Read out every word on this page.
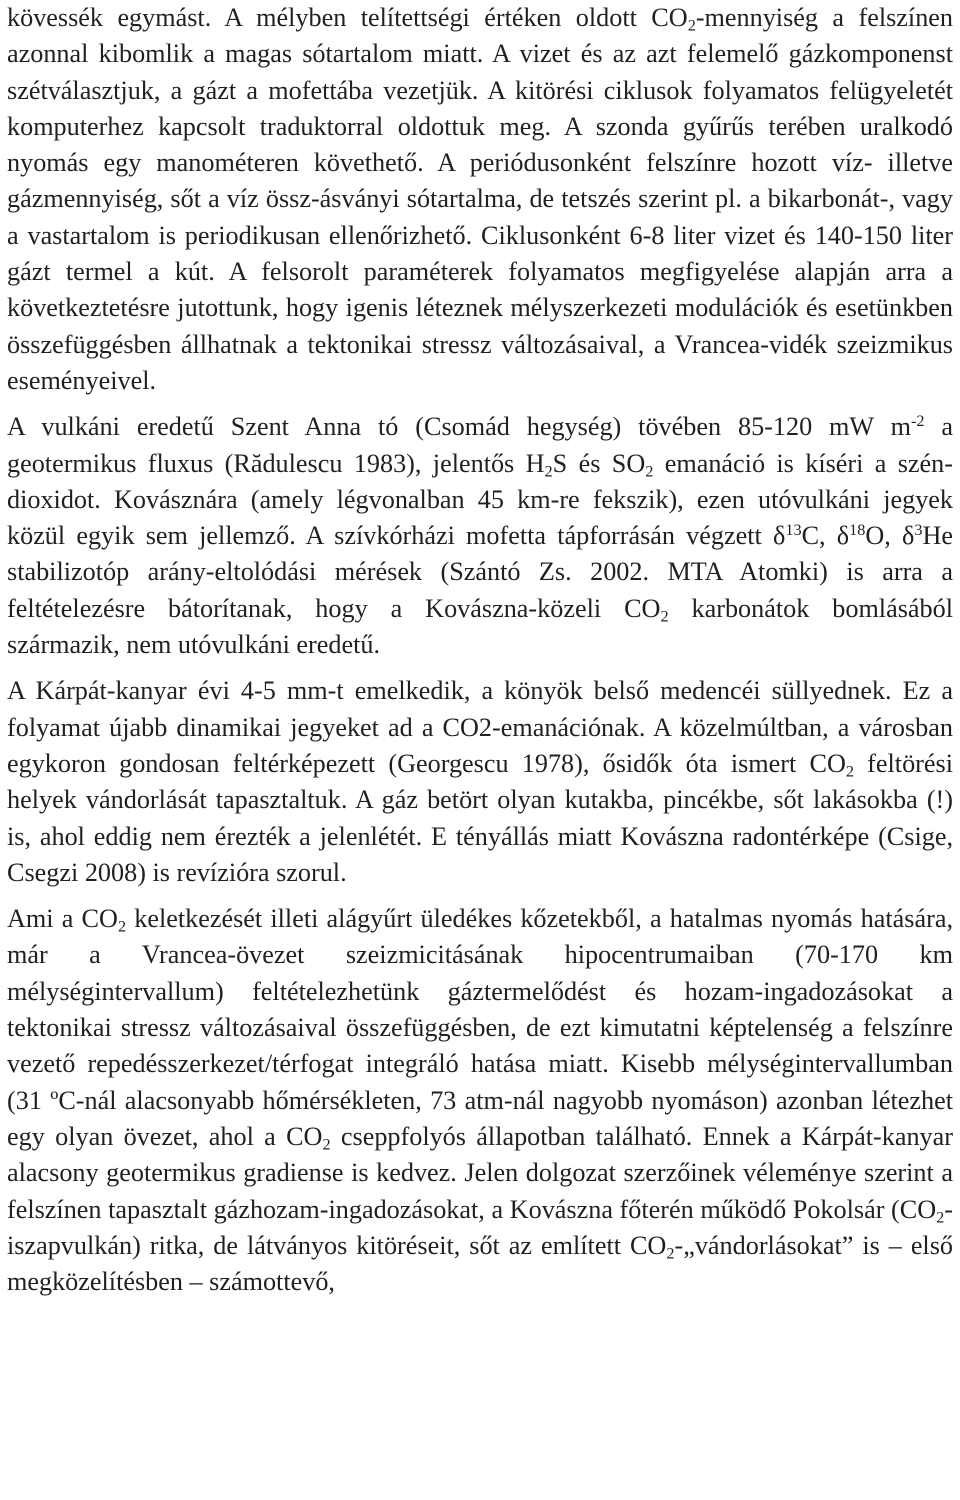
kövessék egymást. A mélyben telítettségi értéken oldott $CO_2$-mennyiség a felszínen azonnal kibomlik a magas sótartalom miatt. A vizet és az azt felemelő gázkomponenst szétválasztjuk, a gázt a mofettába vezetjük. A kitörési ciklusok folyamatos felügyeletét komputerhez kapcsolt traduktorral oldottuk meg. A szonda gyűrűs terében uralkodó nyomás egy manométeren követhető. A periódusonként felszínre hozott víz- illetve gázmennyiség, sőt a víz össz-ásványi sótartalma, de tetszés szerint pl. a bikarbonát-, vagy a vastartalom is periodikusan ellenőrizhető. Ciklusonként 6-8 liter vizet és 140-150 liter gázt termel a kút. A felsorolt paraméterek folyamatos megfigyelése alapján arra a következtetésre jutottunk, hogy igenis léteznek mélyszerkezeti modulációk és esetünkben összefüggésben állhatnak a tektonikai stressz változásaival, a Vrancea-vidék szeizmikus eseményeivel.

A vulkáni eredetű Szent Anna tó (Csomád hegység) tövében 85-120 mW $m^{-2}$ a geotermikus fluxus (Rădulescu 1983), jelentős $H_2S$ és $SO_2$ emanáció is kíséri a szén-dioxidot. Kovásznára (amely légvonalban 45 km-re fekszik), ezen utóvulkáni jegyek közül egyik sem jellemző. A szívkórházi mofetta tápforrásán végzett $\delta^{13}C$, $\delta^{18}O$, $\delta^3He$ stabilizotóp arány-eltolódási mérések (Szántó Zs. 2002. MTA Atomki) is arra a feltételezésre bátorítanak, hogy a Kovászna-közeli $CO_2$ karbonátok bomlásából származik, nem utóvulkáni eredetű.

A Kárpát-kanyar évi 4-5 mm-t emelkedik, a könyök belső medencéi süllyednek. Ez a folyamat újabb dinamikai jegyeket ad a CO2-emanációnak. A közelmúltban, a városban egykoron gondosan feltérképezett (Georgescu 1978), ősidők óta ismert $CO_2$ feltörési helyek vándorlását tapasztaltuk. A gáz betört olyan kutakba, pincékbe, sőt lakásokba (!) is, ahol eddig nem érezték a jelenlétét. E tényállás miatt Kovászna radontérképe (Csige, Csegzi 2008) is revízióra szorul.

Ami a $CO_2$ keletkezését illeti alágyűrt üledékes kőzetekből, a hatalmas nyomás hatására, már a Vrancea-övezet szeizmicitásának hipocentrumaiban (70-170 km mélységintervallum) feltételezhetünk gáztermelődést és hozam-ingadozásokat a tektonikai stressz változásaival összefüggésben, de ezt kimutatni képtelenség a felszínre vezető repedésszerkezet/térfogat integráló hatása miatt. Kisebb mélységintervallumban (31 ºC-nál alacsonyabb hőmérsékleten, 73 atm-nál nagyobb nyomáson) azonban létezhet egy olyan övezet, ahol a $CO_2$ cseppfolyós állapotban található. Ennek a Kárpát-kanyar alacsony geotermikus gradiense is kedvez. Jelen dolgozat szerzőinek véleménye szerint a felszínen tapasztalt gázhozam-ingadozásokat, a Kovászna főterén működő Pokolsár $(CO_2-iszapvulkán)$ ritka, de látványos kitöréseit, sőt az említett $CO_2-„vándorlásokat$” is – első megközelítésben – számottevő,
